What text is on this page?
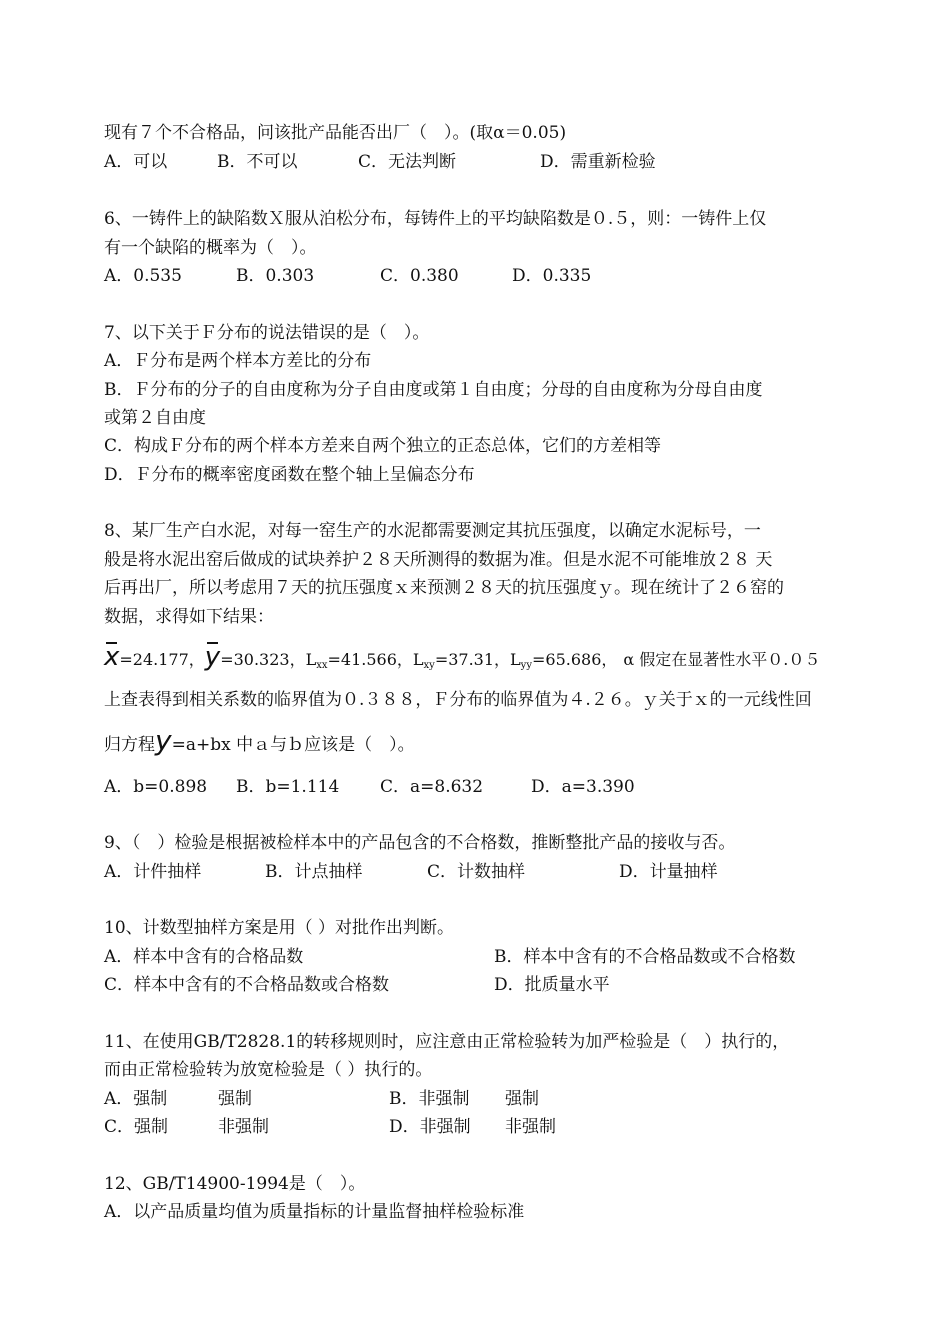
现有７个不合格品，问该批产品能否出厂（　）。(取α＝0.05)
A．可以	B．不可以	C．无法判断	D．需重新检验
6、一铸件上的缺陷数Ｘ服从泊松分布，每铸件上的平均缺陷数是０.５，则：一铸件上仅
有一个缺陷的概率为（　）。
A．0.535	B．0.303	C．0.380	D．0.335
7、以下关于Ｆ分布的说法错误的是（　）。
A．Ｆ分布是两个样本方差比的分布
B．Ｆ分布的分子的自由度称为分子自由度或第１自由度；分母的自由度称为分母自由度
或第２自由度
C．构成Ｆ分布的两个样本方差来自两个独立的正态总体，它们的方差相等
D．Ｆ分布的概率密度函数在整个轴上呈偏态分布
8、某厂生产白水泥，对每一窑生产的水泥都需要测定其抗压强度，以确定水泥标号，一
般是将水泥出窑后做成的试块养护２８天所测得的数据为准。但是水泥不可能堆放２８ 天
后再出厂，所以考虑用７天的抗压强度ｘ来预测２８天的抗压强度ｙ。现在统计了２６窑的
数据，求得如下结果：
x=24.177，y=30.323，$L_{xx}=41.566$，$L_{xy}=37.31$，$L_{yy}=65.686$， α 假定在显著性水平０.０５
上查表得到相关系数的临界值为０.３８８，Ｆ分布的临界值为４.２６。ｙ关于ｘ的一元线性回
归方程y=a+bx 中ａ与ｂ应该是（　）。
A．b=0.898 B．b=1.114 C．a=8.632	D．a=3.390
9、（　）检验是根据被检样本中的产品包含的不合格数，推断整批产品的接收与否。
A．计件抽样	B．计点抽样	C．计数抽样	D．计量抽样
10、计数型抽样方案是用（ ）对批作出判断。
A．样本中含有的合格品数	B．样本中含有的不合格品数或不合格数
C．样本中含有的不合格品数或合格数	D．批质量水平
11、在使用GB/T2828.1的转移规则时，应注意由正常检验转为加严检验是（　）执行的，
而由正常检验转为放宽检验是（ ）执行的。
A．强制	强制	B．非强制 强制
C．强制	非强制	D．非强制 非强制
12、GB/T14900-1994是（　）。
A．以产品质量均值为质量指标的计量监督抽样检验标准
